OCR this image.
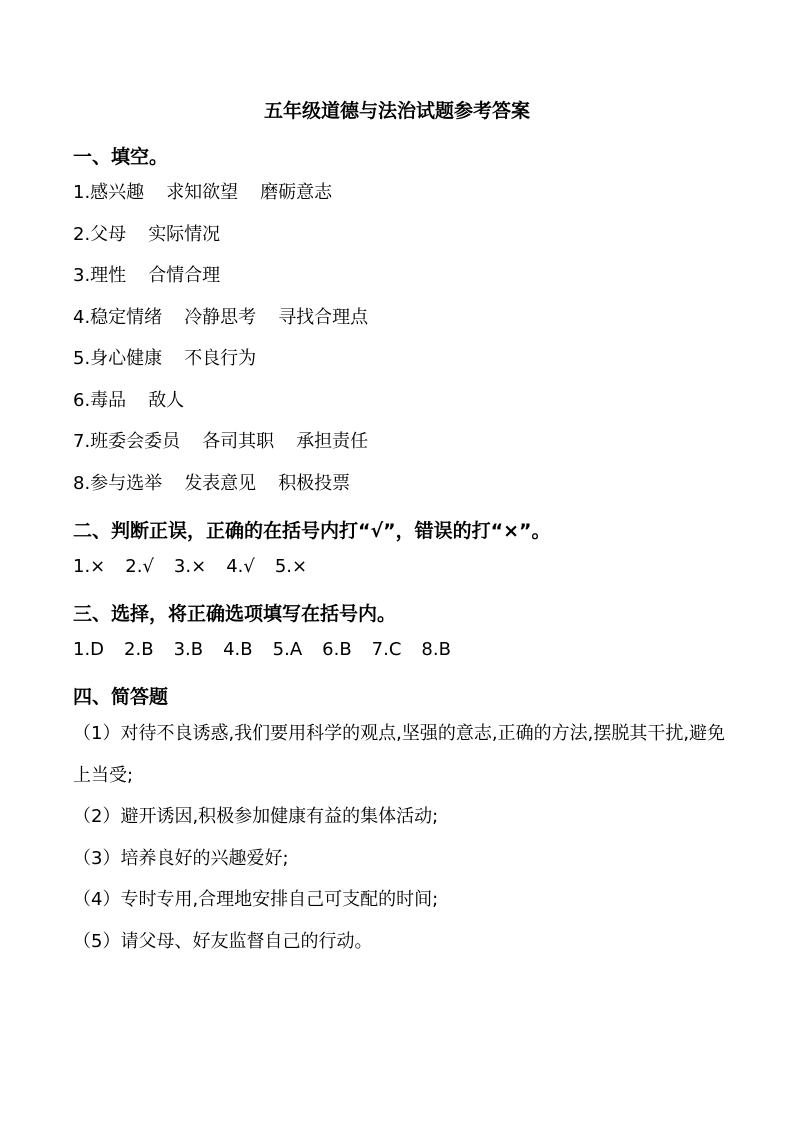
五年级道德与法治试题参考答案
一、填空。
1.感兴趣 求知欲望 磨砺意志
2.父母 实际情况
3.理性 合情合理
4.稳定情绪 冷静思考 寻找合理点
5.身心健康 不良行为
6.毒品 敌人
7.班委会委员 各司其职 承担责任
8.参与选举 发表意见 积极投票
二、判断正误，正确的在括号内打“√”，错误的打“×”。
1.× 2.√ 3.× 4.√ 5.×
三、选择，将正确选项填写在括号内。
1.D 2.B 3.B 4.B 5.A 6.B 7.C 8.B
四、简答题
（1）对待不良诱惑,我们要用科学的观点,坚强的意志,正确的方法,摆脱其干扰,避免上当受;
（2）避开诱因,积极参加健康有益的集体活动;
（3）培养良好的兴趣爱好;
（4）专时专用,合理地安排自己可支配的时间;
（5）请父母、好友监督自己的行动。
